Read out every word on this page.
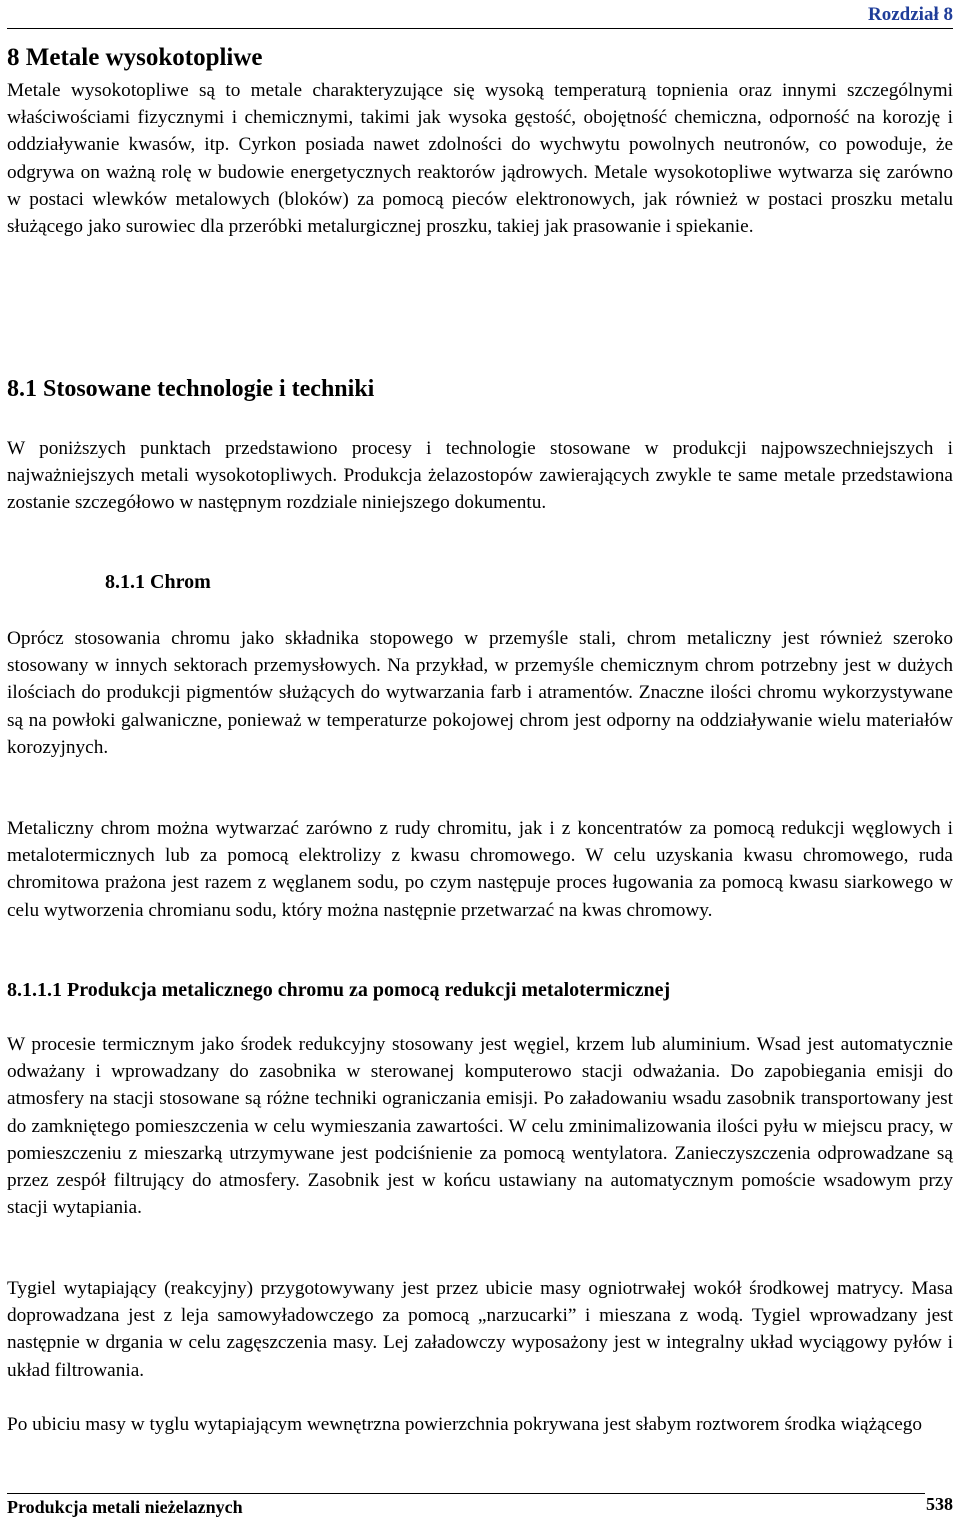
Rozdział 8
8 Metale wysokotopliwe

Metale wysokotopliwe są to metale charakteryzujące się wysoką temperaturą topnienia oraz innymi szczególnymi właściwościami fizycznymi i chemicznymi, takimi jak wysoka gęstość, obojętność chemiczna, odporność na korozję i oddziaływanie kwasów, itp. Cyrkon posiada nawet zdolności do wychwytu powolnych neutronów, co powoduje, że odgrywa on ważną rolę w budowie energetycznych reaktorów jądrowych. Metale wysokotopliwe wytwarza się zarówno w postaci wlewków metalowych (bloków) za pomocą pieców elektronowych, jak również w postaci proszku metalu służącego jako surowiec dla przeróbki metalurgicznej proszku, takiej jak prasowanie i spiekanie.

8.1 Stosowane technologie i techniki

W poniższych punktach przedstawiono procesy i technologie stosowane w produkcji najpowszechniejszych i najważniejszych metali wysokotopliwych. Produkcja żelazostopów zawierających zwykle te same metale przedstawiona zostanie szczegółowo w następnym rozdziale niniejszego dokumentu.

8.1.1 Chrom

Oprócz stosowania chromu jako składnika stopowego w przemyśle stali, chrom metaliczny jest również szeroko stosowany w innych sektorach przemysłowych. Na przykład, w przemyśle chemicznym chrom potrzebny jest w dużych ilościach do produkcji pigmentów służących do wytwarzania farb i atramentów. Znaczne ilości chromu wykorzystywane są na powłoki galwaniczne, ponieważ w temperaturze pokojowej chrom jest odporny na oddziaływanie wielu materiałów korozyjnych.

Metaliczny chrom można wytwarzać zarówno z rudy chromitu, jak i z koncentratów za pomocą redukcji węglowych i metalotermicznych lub za pomocą elektrolizy z kwasu chromowego. W celu uzyskania kwasu chromowego, ruda chromitowa prażona jest razem z węglanem sodu, po czym następuje proces ługowania za pomocą kwasu siarkowego w celu wytworzenia chromianu sodu, który można następnie przetwarzać na kwas chromowy.

8.1.1.1 Produkcja metalicznego chromu za pomocą redukcji metalotermicznej

W procesie termicznym jako środek redukcyjny stosowany jest węgiel, krzem lub aluminium. Wsad jest automatycznie odważany i wprowadzany do zasobnika w sterowanej komputerowo stacji odważania. Do zapobiegania emisji do atmosfery na stacji stosowane są różne techniki ograniczania emisji. Po załadowaniu wsadu zasobnik transportowany jest do zamkniętego pomieszczenia w celu wymieszania zawartości. W celu zminimalizowania ilości pyłu w miejscu pracy, w pomieszczeniu z mieszarką utrzymywane jest podciśnienie za pomocą wentylatora. Zanieczyszczenia odprowadzane są przez zespół filtrujący do atmosfery. Zasobnik jest w końcu ustawiany na automatycznym pomoście wsadowym przy stacji wytapiania.

Tygiel wytapiający (reakcyjny) przygotowywany jest przez ubicie masy ogniotrwałej wokół środkowej matrycy. Masa doprowadzana jest z leja samowyładowczego za pomocą „narzucarki” i mieszana z wodą. Tygiel wprowadzany jest następnie w drgania w celu zagęszczenia masy. Lej załadowczy wyposażony jest w integralny układ wyciągowy pyłów i układ filtrowania.

Po ubiciu masy w tyglu wytapiającym wewnętrzna powierzchnia pokrywana jest słabym roztworem środka wiążącego

Produkcja metali nieżelaznych	538
